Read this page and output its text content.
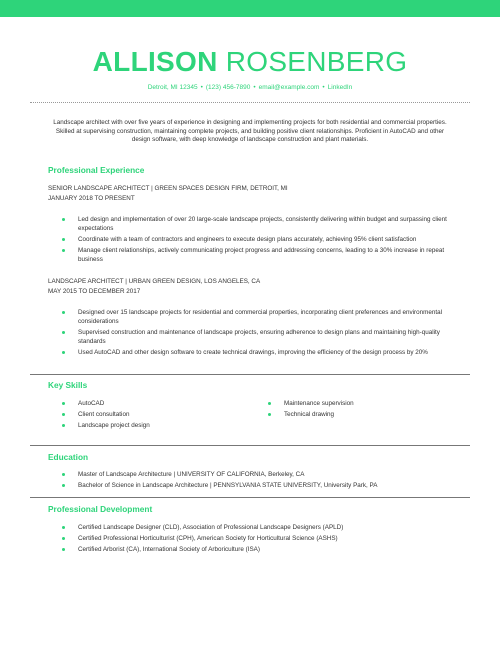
ALLISON ROSENBERG
Detroit, MI 12345 • (123) 456-7890 • email@example.com • LinkedIn
Landscape architect with over five years of experience in designing and implementing projects for both residential and commercial properties. Skilled at supervising construction, maintaining complete projects, and building positive client relationships. Proficient in AutoCAD and other design software, with deep knowledge of landscape construction and plant materials.
Professional Experience
SENIOR LANDSCAPE ARCHITECT | GREEN SPACES DESIGN FIRM, DETROIT, MI
JANUARY 2018 TO PRESENT
Led design and implementation of over 20 large-scale landscape projects, consistently delivering within budget and surpassing client expectations
Coordinate with a team of contractors and engineers to execute design plans accurately, achieving 95% client satisfaction
Manage client relationships, actively communicating project progress and addressing concerns, leading to a 30% increase in repeat business
LANDSCAPE ARCHITECT | URBAN GREEN DESIGN, LOS ANGELES, CA
MAY 2015 TO DECEMBER 2017
Designed over 15 landscape projects for residential and commercial properties, incorporating client preferences and environmental considerations
Supervised construction and maintenance of landscape projects, ensuring adherence to design plans and maintaining high-quality standards
Used AutoCAD and other design software to create technical drawings, improving the efficiency of the design process by 20%
Key Skills
AutoCAD
Client consultation
Landscape project design
Maintenance supervision
Technical drawing
Education
Master of Landscape Architecture | UNIVERSITY OF CALIFORNIA, Berkeley, CA
Bachelor of Science in Landscape Architecture | PENNSYLVANIA STATE UNIVERSITY, University Park, PA
Professional Development
Certified Landscape Designer (CLD), Association of Professional Landscape Designers (APLD)
Certified Professional Horticulturist (CPH), American Society for Horticultural Science (ASHS)
Certified Arborist (CA), International Society of Arboriculture (ISA)
